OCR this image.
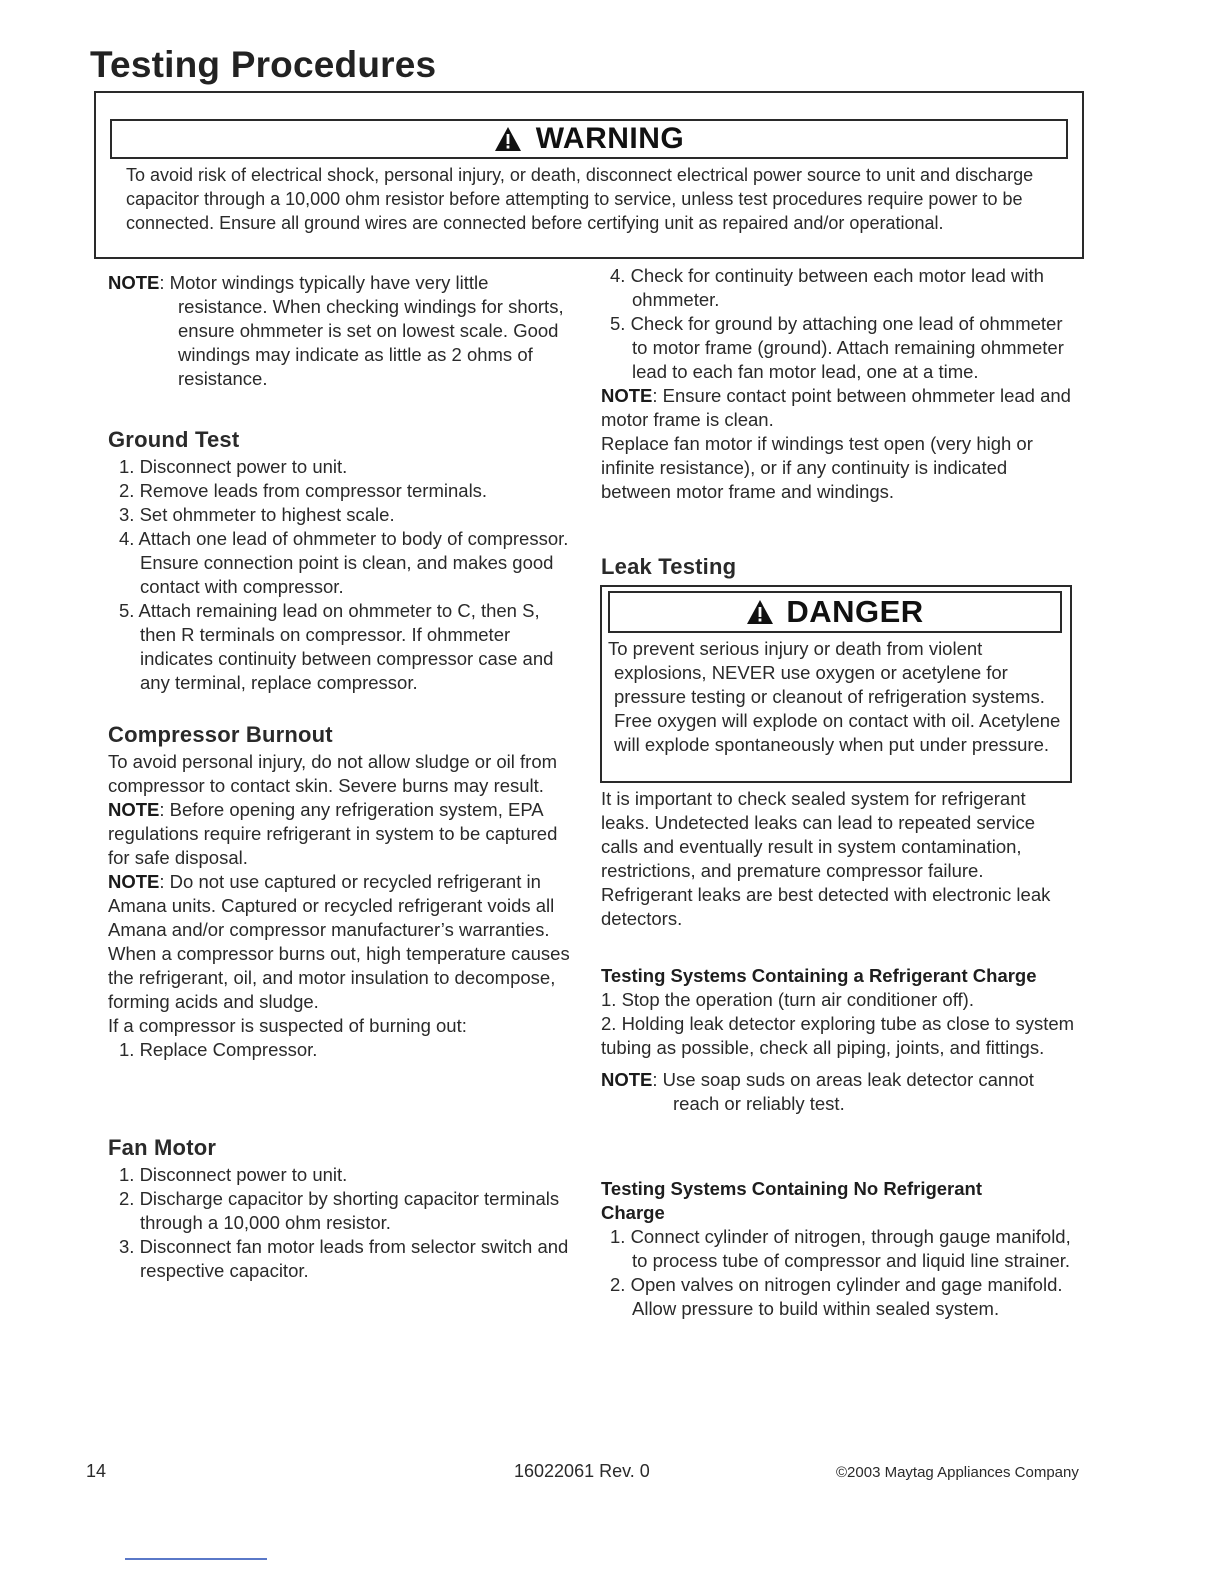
Testing Procedures
WARNING
To avoid risk of electrical shock, personal injury, or death, disconnect electrical power source to unit and discharge capacitor through a 10,000 ohm resistor before attempting to service, unless test procedures require power to be connected. Ensure all ground wires are connected before certifying unit as repaired and/or operational.

NOTE: Motor windings typically have very little resistance. When checking windings for shorts, ensure ohmmeter is set on lowest scale. Good windings may indicate as little as 2 ohms of resistance.

Ground Test

1. Disconnect power to unit.

2. Remove leads from compressor terminals.

3. Set ohmmeter to highest scale.

4. Attach one lead of ohmmeter to body of compressor. Ensure connection point is clean, and makes good contact with compressor.

5. Attach remaining lead on ohmmeter to C, then S, then R terminals on compressor. If ohmmeter indicates continuity between compressor case and any terminal, replace compressor.

Compressor Burnout

To avoid personal injury, do not allow sludge or oil from compressor to contact skin. Severe burns may result.

NOTE: Before opening any refrigeration system, EPA regulations require refrigerant in system to be captured for safe disposal.

NOTE: Do not use captured or recycled refrigerant in Amana units. Captured or recycled refrigerant voids all Amana and/or compressor manufacturer’s warranties.

When a compressor burns out, high temperature causes the refrigerant, oil, and motor insulation to decompose, forming acids and sludge.

If a compressor is suspected of burning out:

1. Replace Compressor.

Fan Motor

1. Disconnect power to unit.

2. Discharge capacitor by shorting capacitor terminals through a 10,000 ohm resistor.

3. Disconnect fan motor leads from selector switch and respective capacitor.

4. Check for continuity between each motor lead with ohmmeter.

5. Check for ground by attaching one lead of ohmmeter to motor frame (ground). Attach remaining ohmmeter lead to each fan motor lead, one at a time.

NOTE: Ensure contact point between ohmmeter lead and motor frame is clean.

Replace fan motor if windings test open (very high or infinite resistance), or if any continuity is indicated between motor frame and windings.

Leak Testing
DANGER
To prevent serious injury or death from violent
explosions, NEVER use oxygen or acetylene for pressure testing or cleanout of refrigeration systems. Free oxygen will explode on contact with oil. Acetylene will explode spontaneously when put under pressure.

It is important to check sealed system for refrigerant leaks. Undetected leaks can lead to repeated service calls and eventually result in system contamination, restrictions, and premature compressor failure.

Refrigerant leaks are best detected with electronic leak detectors.

Testing Systems Containing a Refrigerant Charge

1. Stop the operation (turn air conditioner off).

2. Holding leak detector exploring tube as close to system tubing as possible, check all piping, joints, and fittings.

NOTE: Use soap suds on areas leak detector cannot reach or reliably test.

Testing Systems Containing No Refrigerant Charge

1. Connect cylinder of nitrogen, through gauge manifold, to process tube of compressor and liquid line strainer.

2. Open valves on nitrogen cylinder and gage manifold. Allow pressure to build within sealed system.

14	16022061 Rev. 0	©2003 Maytag Appliances Company
